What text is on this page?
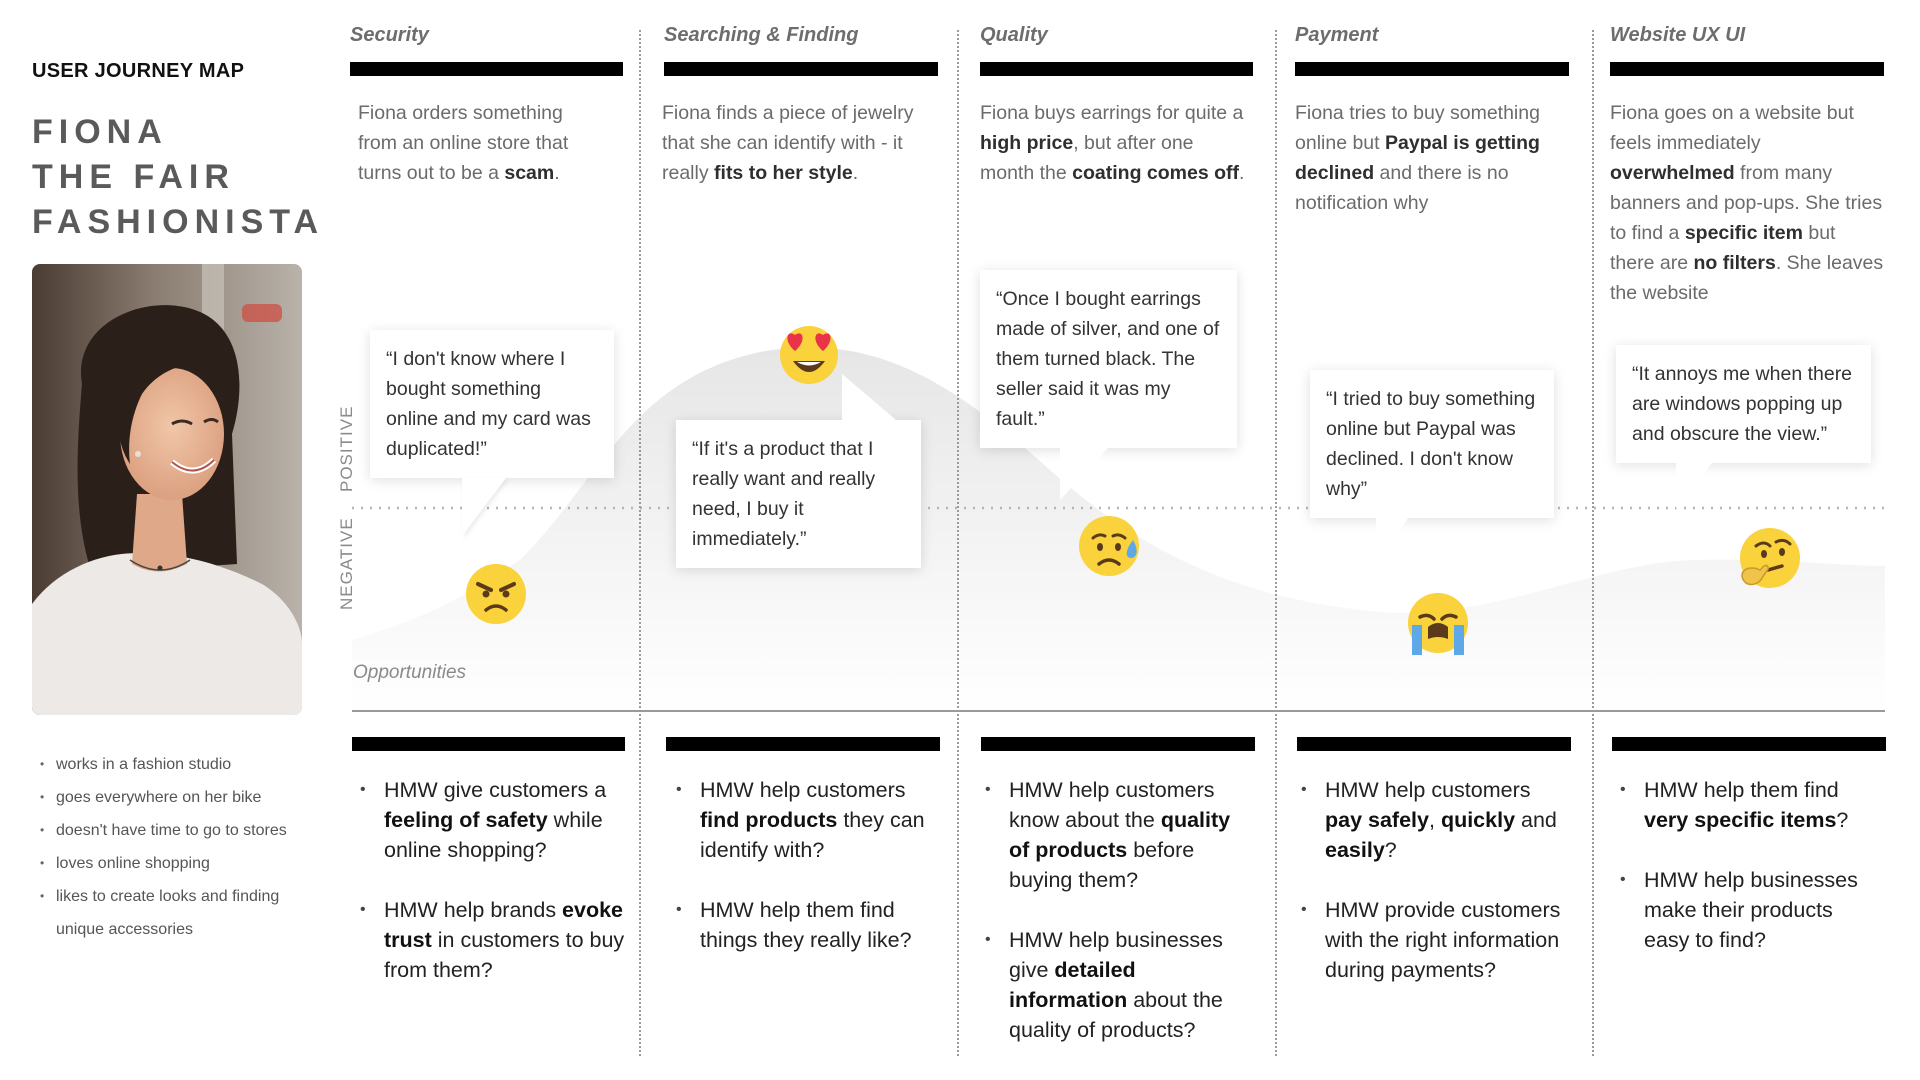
USER JOURNEY MAP
FIONA
THE FAIR
FASHIONISTA
• works in a fashion studio
• goes everywhere on her bike
• doesn't have time to go to stores
• loves online shopping
• likes to create looks and finding unique accessories
POSITIVE
NEGATIVE
Opportunities
Security
Fiona orders something from an online store that turns out to be a scam.
Searching & Finding
Fiona finds a piece of jewelry that she can identify with - it really fits to her style.
Quality
Fiona buys earrings for quite a high price, but after one month the coating comes off.
Payment
Fiona tries to buy something online but Paypal is getting declined and there is no notification why
Website UX UI
Fiona goes on a website but feels immediately overwhelmed from many banners and pop-ups. She tries to find a specific item but there are no filters. She leaves the website
“I don't know where I bought something online and my card was duplicated!”	“If it's a product that I really want and really need, I buy it immediately.”
“Once I bought earrings made of silver, and one of them turned black. The seller said it was my fault.”
“I tried to buy something online but Paypal was declined. I don't know why”
“It annoys me when there are windows popping up and obscure the view.”
• HMW give customers a feeling of safety while online shopping?
• HMW help brands evoke trust in customers to buy from them?
• HMW help customers find products they can identify with?
• HMW help them find things they really like?
• HMW help customers know about the quality of products before buying them?
• HMW help businesses give detailed information about the quality of products?
• HMW help customers pay safely, quickly and easily?
• HMW provide customers with the right information during payments?
• HMW help them find very specific items?
• HMW help businesses make their products easy to find?
